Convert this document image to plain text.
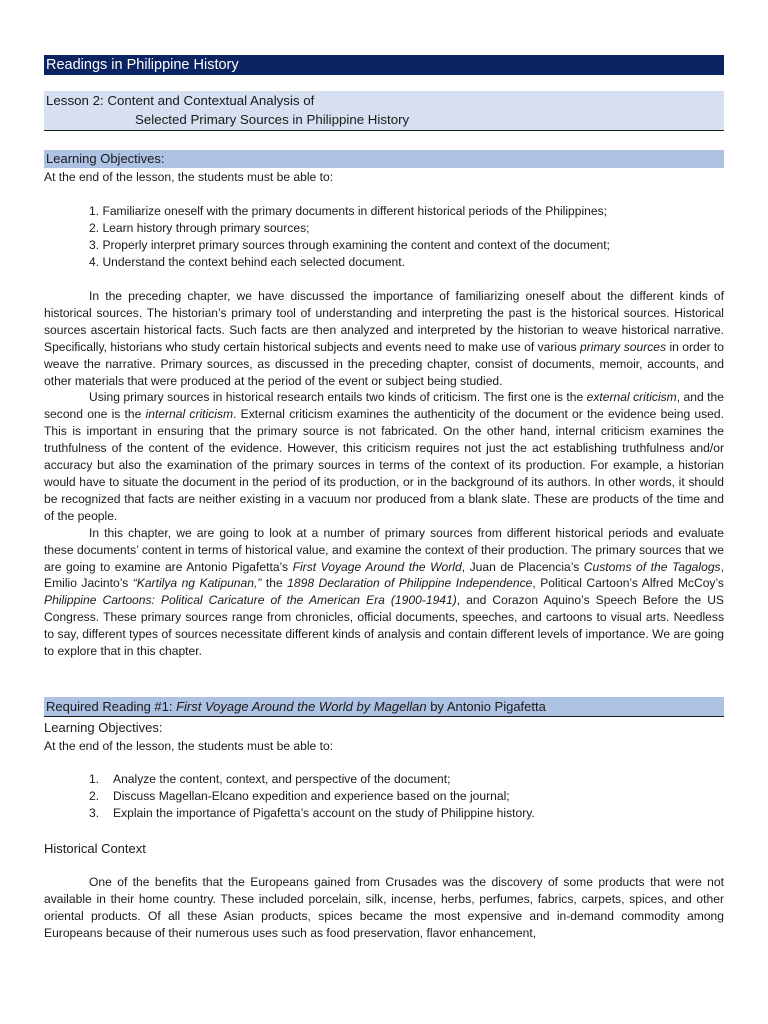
Readings in Philippine History
Lesson 2: Content and Contextual Analysis of
Selected Primary Sources in Philippine History
Learning Objectives:
At the end of the lesson, the students must be able to:
1. Familiarize oneself with the primary documents in different historical periods of the Philippines;
2. Learn history through primary sources;
3. Properly interpret primary sources through examining the content and context of the document;
4. Understand the context behind each selected document.

In the preceding chapter, we have discussed the importance of familiarizing oneself about the different kinds of historical sources. The historian’s primary tool of understanding and interpreting the past is the historical sources. Historical sources ascertain historical facts. Such facts are then analyzed and interpreted by the historian to weave historical narrative. Specifically, historians who study certain historical subjects and events need to make use of various primary sources in order to weave the narrative. Primary sources, as discussed in the preceding chapter, consist of documents, memoir, accounts, and other materials that were produced at the period of the event or subject being studied.

Using primary sources in historical research entails two kinds of criticism. The first one is the external criticism, and the second one is the internal criticism. External criticism examines the authenticity of the document or the evidence being used. This is important in ensuring that the primary source is not fabricated. On the other hand, internal criticism examines the truthfulness of the content of the evidence. However, this criticism requires not just the act establishing truthfulness and/or accuracy but also the examination of the primary sources in terms of the context of its production. For example, a historian would have to situate the document in the period of its production, or in the background of its authors. In other words, it should be recognized that facts are neither existing in a vacuum nor produced from a blank slate. These are products of the time and of the people.

In this chapter, we are going to look at a number of primary sources from different historical periods and evaluate these documents’ content in terms of historical value, and examine the context of their production. The primary sources that we are going to examine are Antonio Pigafetta’s First Voyage Around the World, Juan de Placencia’s Customs of the Tagalogs, Emilio Jacinto’s “Kartilya ng Katipunan,” the 1898 Declaration of Philippine Independence, Political Cartoon’s Alfred McCoy’s Philippine Cartoons: Political Caricature of the American Era (1900-1941), and Corazon Aquino’s Speech Before the US Congress. These primary sources range from chronicles, official documents, speeches, and cartoons to visual arts. Needless to say, different types of sources necessitate different kinds of analysis and contain different levels of importance. We are going to explore that in this chapter.

Required Reading #1: First Voyage Around the World by Magellan by Antonio Pigafetta
Learning Objectives:
At the end of the lesson, the students must be able to:
1.	Analyze the content, context, and perspective of the document;
2.	Discuss Magellan-Elcano expedition and experience based on the journal;
3.	Explain the importance of Pigafetta’s account on the study of Philippine history.
Historical Context

One of the benefits that the Europeans gained from Crusades was the discovery of some products that were not available in their home country. These included porcelain, silk, incense, herbs, perfumes, fabrics, carpets, spices, and other oriental products. Of all these Asian products, spices became the most expensive and in-demand commodity among Europeans because of their numerous uses such as food preservation, flavor enhancement,
